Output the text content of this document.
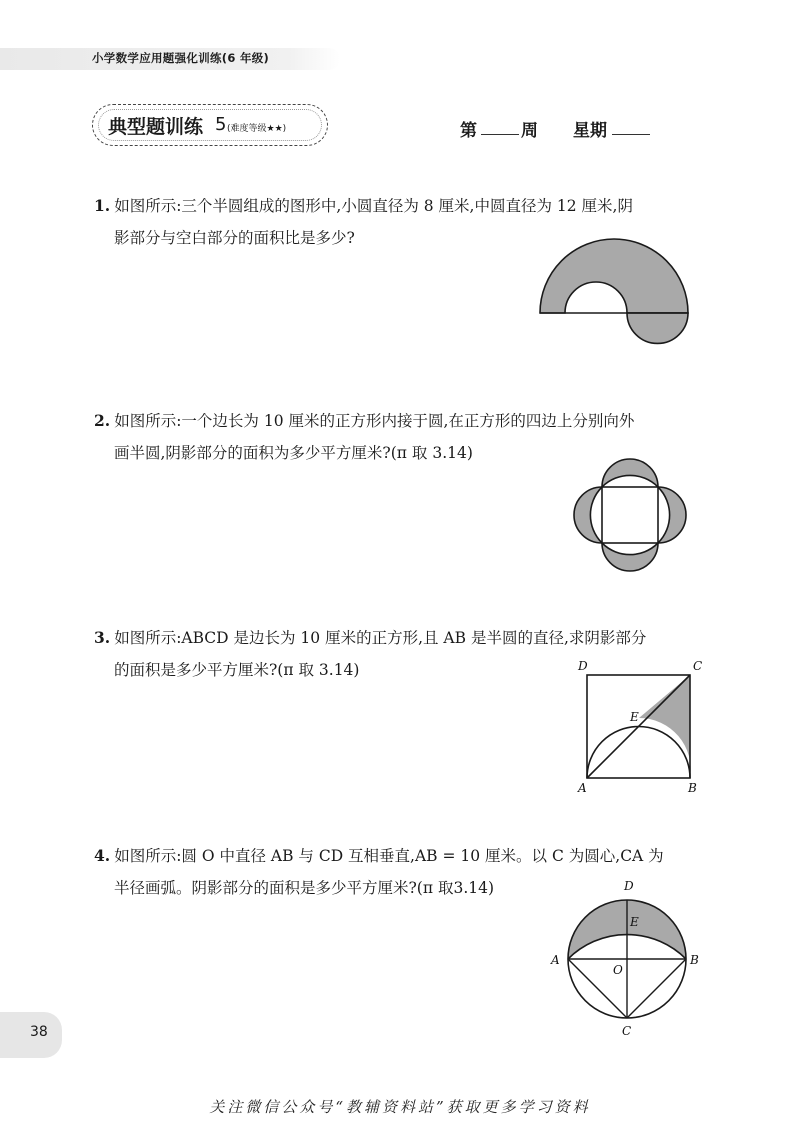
小学数学应用题强化训练(6 年级)
典型题训练 5 (难度等级★★)	第	周 星期
1. 如图所示:三个半圆组成的图形中,小圆直径为 8 厘米,中圆直径为 12 厘米,阴
影部分与空白部分的面积比是多少?
2. 如图所示:一个边长为 10 厘米的正方形内接于圆,在正方形的四边上分别向外
画半圆,阴影部分的面积为多少平方厘米?(π 取 3.14)
3. 如图所示:ABCD 是边长为 10 厘米的正方形,且 AB 是半圆的直径,求阴影部分
的面积是多少平方厘米?(π 取 3.14)	D	C
E
A	B
4. 如图所示:圆 O 中直径 AB 与 CD 互相垂直,AB = 10 厘米。以 C 为圆心,CA 为
半径画弧。阴影部分的面积是多少平方厘米?(π 取3.14)	D
E
A	B
O
C
38
关注微信公众号“教辅资料站”获取更多学习资料
